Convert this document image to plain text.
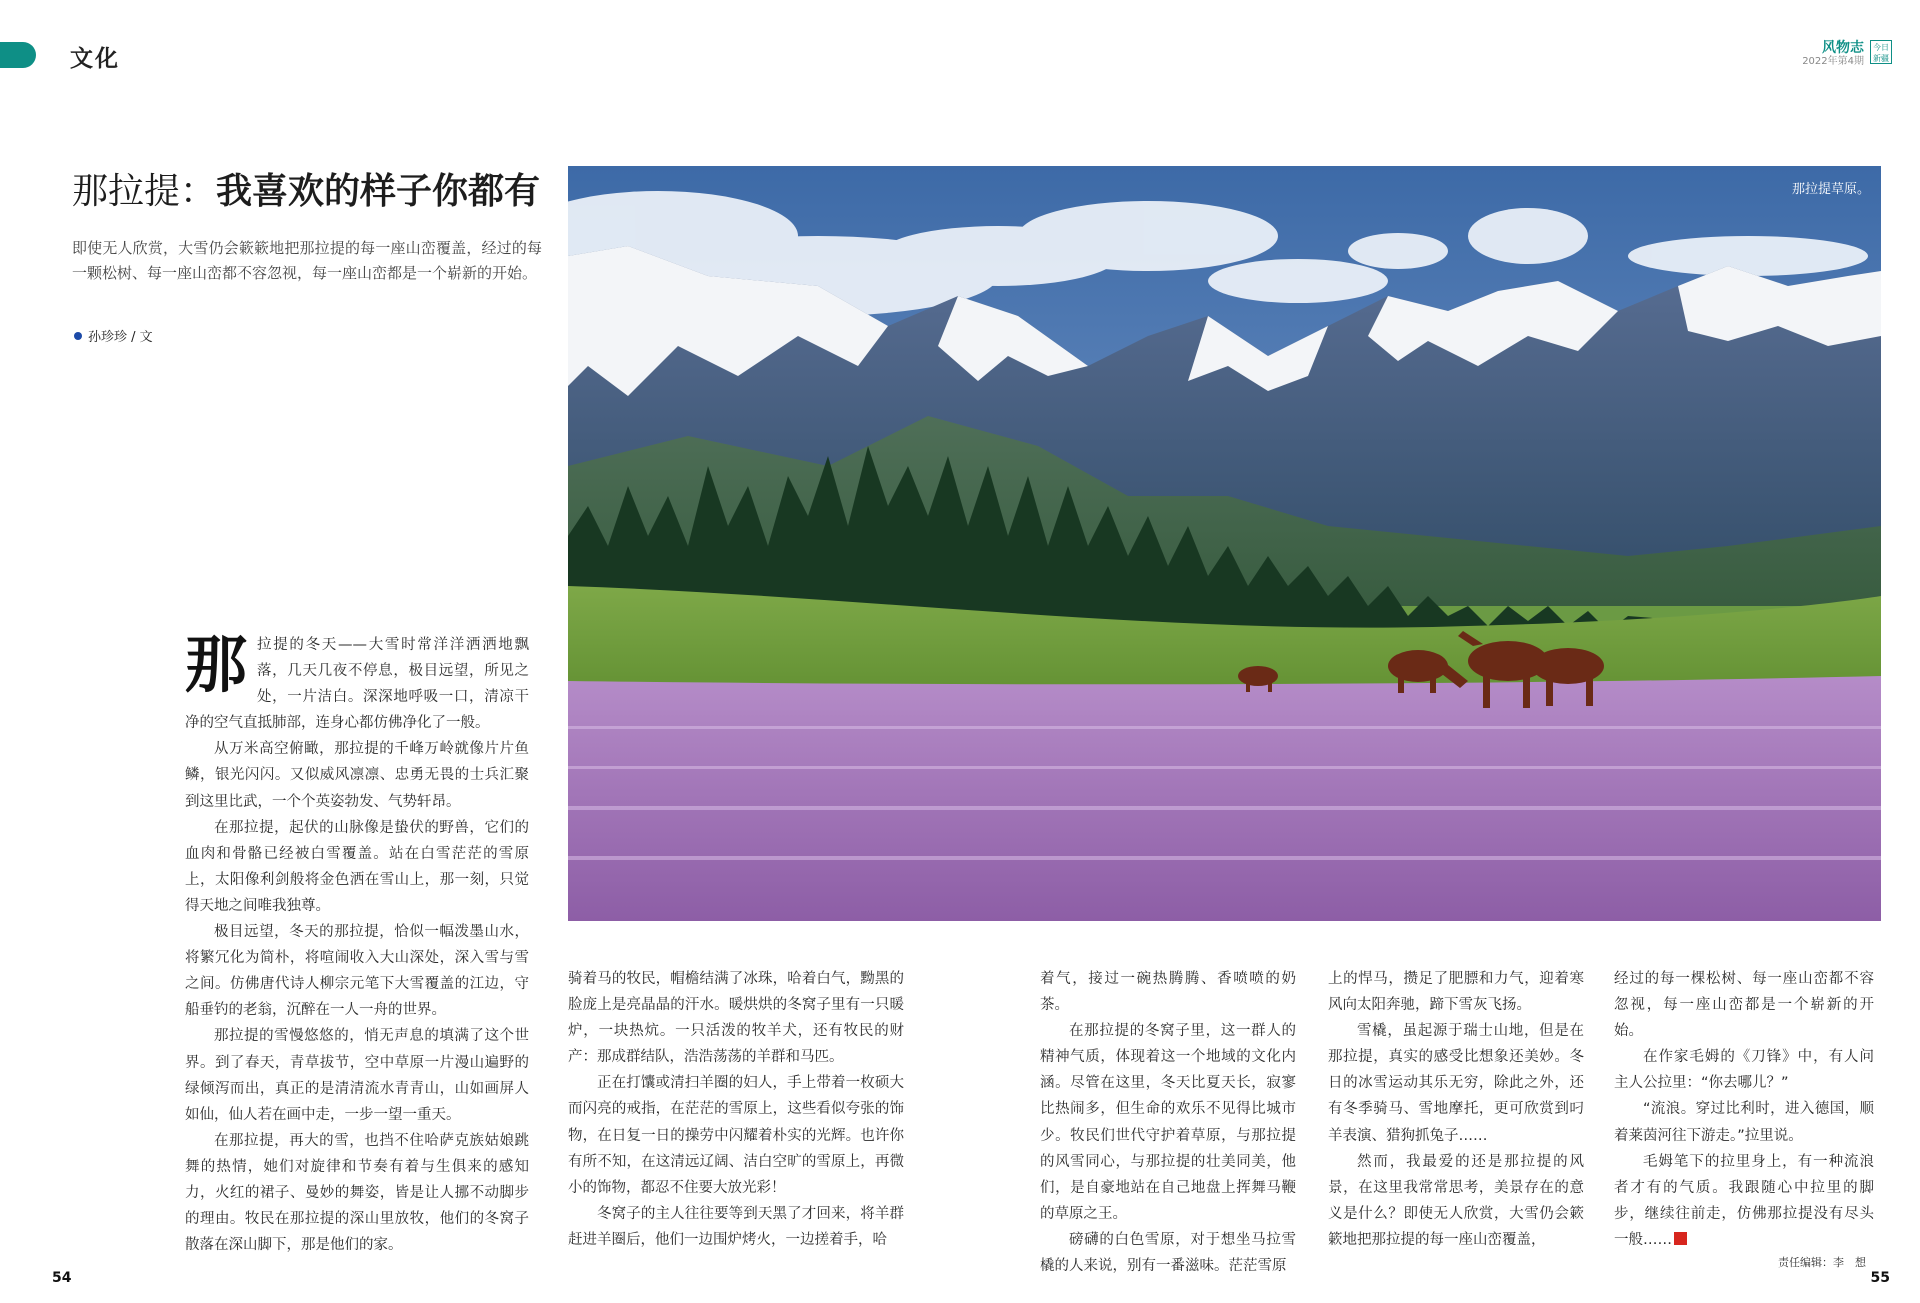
文化	风物志
2022年第4期
今日新疆
那拉提：我喜欢的样子你都有
即使无人欣赏，大雪仍会簌簌地把那拉提的每一座山峦覆盖，经过的每一颗松树、每一座山峦都不容忽视，每一座山峦都是一个崭新的开始。
孙珍珍 / 文
那拉提草原。
那 拉提的冬天——大雪时常洋洋洒洒地飘落，几天几夜不停息，极目远望，所见之处，一片洁白。深深地呼吸一口，清凉干净的空气直抵肺部，连身心都仿佛净化了一般。

从万米高空俯瞰，那拉提的千峰万岭就像片片鱼鳞，银光闪闪。又似威风凛凛、忠勇无畏的士兵汇聚到这里比武，一个个英姿勃发、气势轩昂。

在那拉提，起伏的山脉像是蛰伏的野兽，它们的血肉和骨骼已经被白雪覆盖。站在白雪茫茫的雪原上，太阳像利剑般将金色洒在雪山上，那一刻，只觉得天地之间唯我独尊。

极目远望，冬天的那拉提，恰似一幅泼墨山水，将繁冗化为简朴，将喧闹收入大山深处，深入雪与雪之间。仿佛唐代诗人柳宗元笔下大雪覆盖的江边，守船垂钓的老翁，沉醉在一人一舟的世界。

那拉提的雪慢悠悠的，悄无声息的填满了这个世界。到了春天，青草拔节，空中草原一片漫山遍野的绿倾泻而出，真正的是清清流水青青山，山如画屏人如仙，仙人若在画中走，一步一望一重天。

在那拉提，再大的雪，也挡不住哈萨克族姑娘跳舞的热情，她们对旋律和节奏有着与生俱来的感知力，火红的裙子、曼妙的舞姿，皆是让人挪不动脚步的理由。牧民在那拉提的深山里放牧，他们的冬窝子散落在深山脚下，那是他们的家。

骑着马的牧民，帽檐结满了冰珠，哈着白气，黝黑的脸庞上是亮晶晶的汗水。暖烘烘的冬窝子里有一只暖炉，一块热炕。一只活泼的牧羊犬，还有牧民的财产：那成群结队，浩浩荡荡的羊群和马匹。

正在打馕或清扫羊圈的妇人，手上带着一枚硕大而闪亮的戒指，在茫茫的雪原上，这些看似夸张的饰物，在日复一日的操劳中闪耀着朴实的光辉。也许你有所不知，在这清远辽阔、洁白空旷的雪原上，再微小的饰物，都忍不住要大放光彩！

冬窝子的主人往往要等到天黑了才回来，将羊群赶进羊圈后，他们一边围炉烤火，一边搓着手，哈

着气，接过一碗热腾腾、香喷喷的奶茶。

在那拉提的冬窝子里，这一群人的精神气质，体现着这一个地域的文化内涵。尽管在这里，冬天比夏天长，寂寥比热闹多，但生命的欢乐不见得比城市少。牧民们世代守护着草原，与那拉提的风雪同心，与那拉提的壮美同美，他们，是自豪地站在自己地盘上挥舞马鞭的草原之王。

磅礴的白色雪原，对于想坐马拉雪橇的人来说，别有一番滋味。茫茫雪原

上的悍马，攒足了肥膘和力气，迎着寒风向太阳奔驰，蹄下雪灰飞扬。

雪橇，虽起源于瑞士山地，但是在那拉提，真实的感受比想象还美妙。冬日的冰雪运动其乐无穷，除此之外，还有冬季骑马、雪地摩托，更可欣赏到叼羊表演、猎狗抓兔子……

然而，我最爱的还是那拉提的风景，在这里我常常思考，美景存在的意义是什么？即使无人欣赏，大雪仍会簌簌地把那拉提的每一座山峦覆盖，

经过的每一棵松树、每一座山峦都不容忽视，每一座山峦都是一个崭新的开始。

在作家毛姆的《刀锋》中，有人问主人公拉里：“你去哪儿？”

“流浪。穿过比利时，进入德国，顺着莱茵河往下游走。”拉里说。

毛姆笔下的拉里身上，有一种流浪者才有的气质。我跟随心中拉里的脚步，继续往前走，仿佛那拉提没有尽头一般……

54	55
责任编辑：李　想
